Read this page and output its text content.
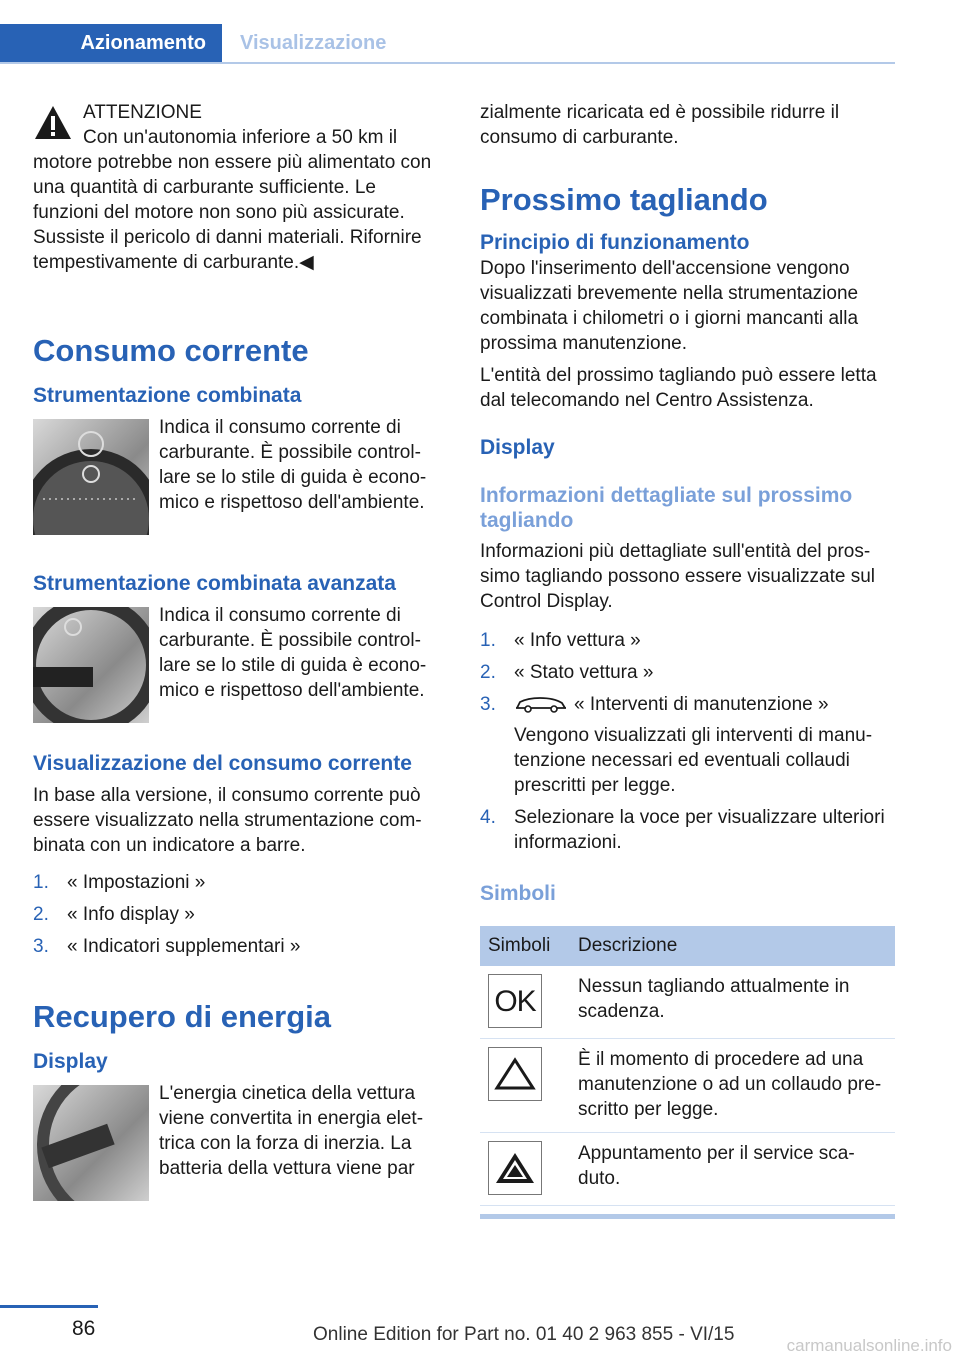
Azionamento Visualizzazione

ATTENZIONE

Con un'autonomia inferiore a 50 km il motore potrebbe non essere più alimentato con una quantità di carburante sufficiente. Le funzioni del motore non sono più assicurate. Sussiste il pericolo di danni materiali. Rifornire tempestivamente di carburante.◀

Consumo corrente
Strumentazione combinata

Indica il consumo corrente di carburante. È possibile controllare se lo stile di guida è economico e rispettoso dell'ambiente.

Strumentazione combinata avanzata

Indica il consumo corrente di carburante. È possibile controllare se lo stile di guida è economico e rispettoso dell'ambiente.

Visualizzazione del consumo corrente

In base alla versione, il consumo corrente può essere visualizzato nella strumentazione combinata con un indicatore a barre.

1. « Impostazioni »
2. « Info display »
3. « Indicatori supplementari »
Recupero di energia
Display

L'energia cinetica della vettura viene convertita in energia elettrica con la forza di inerzia. La batteria della vettura viene par

zialmente ricaricata ed è possibile ridurre il consumo di carburante.

Prossimo tagliando
Principio di funzionamento

Dopo l'inserimento dell'accensione vengono visualizzati brevemente nella strumentazione combinata i chilometri o i giorni mancanti alla prossima manutenzione.

L'entità del prossimo tagliando può essere letta dal telecomando nel Centro Assistenza.

Display
Informazioni dettagliate sul prossimo tagliando

Informazioni più dettagliate sull'entità del prossimo tagliando possono essere visualizzate sul Control Display.

1. « Info vettura »
2. « Stato vettura »
3.	« Interventi di manutenzione »
Vengono visualizzati gli interventi di manutenzione necessari ed eventuali collaudi prescritti per legge.
4. Selezionare la voce per visualizzare ulteriori informazioni.
Simboli
Simboli	Descrizione

OK	Nessun tagliando attualmente in scadenza.

	È il momento di procedere ad una manutenzione o ad un collaudo prescritto per legge.

	Appuntamento per il service scaduto.
86	Online Edition for Part no. 01 40 2 963 855 - VI/15
carmanualsonline.info
